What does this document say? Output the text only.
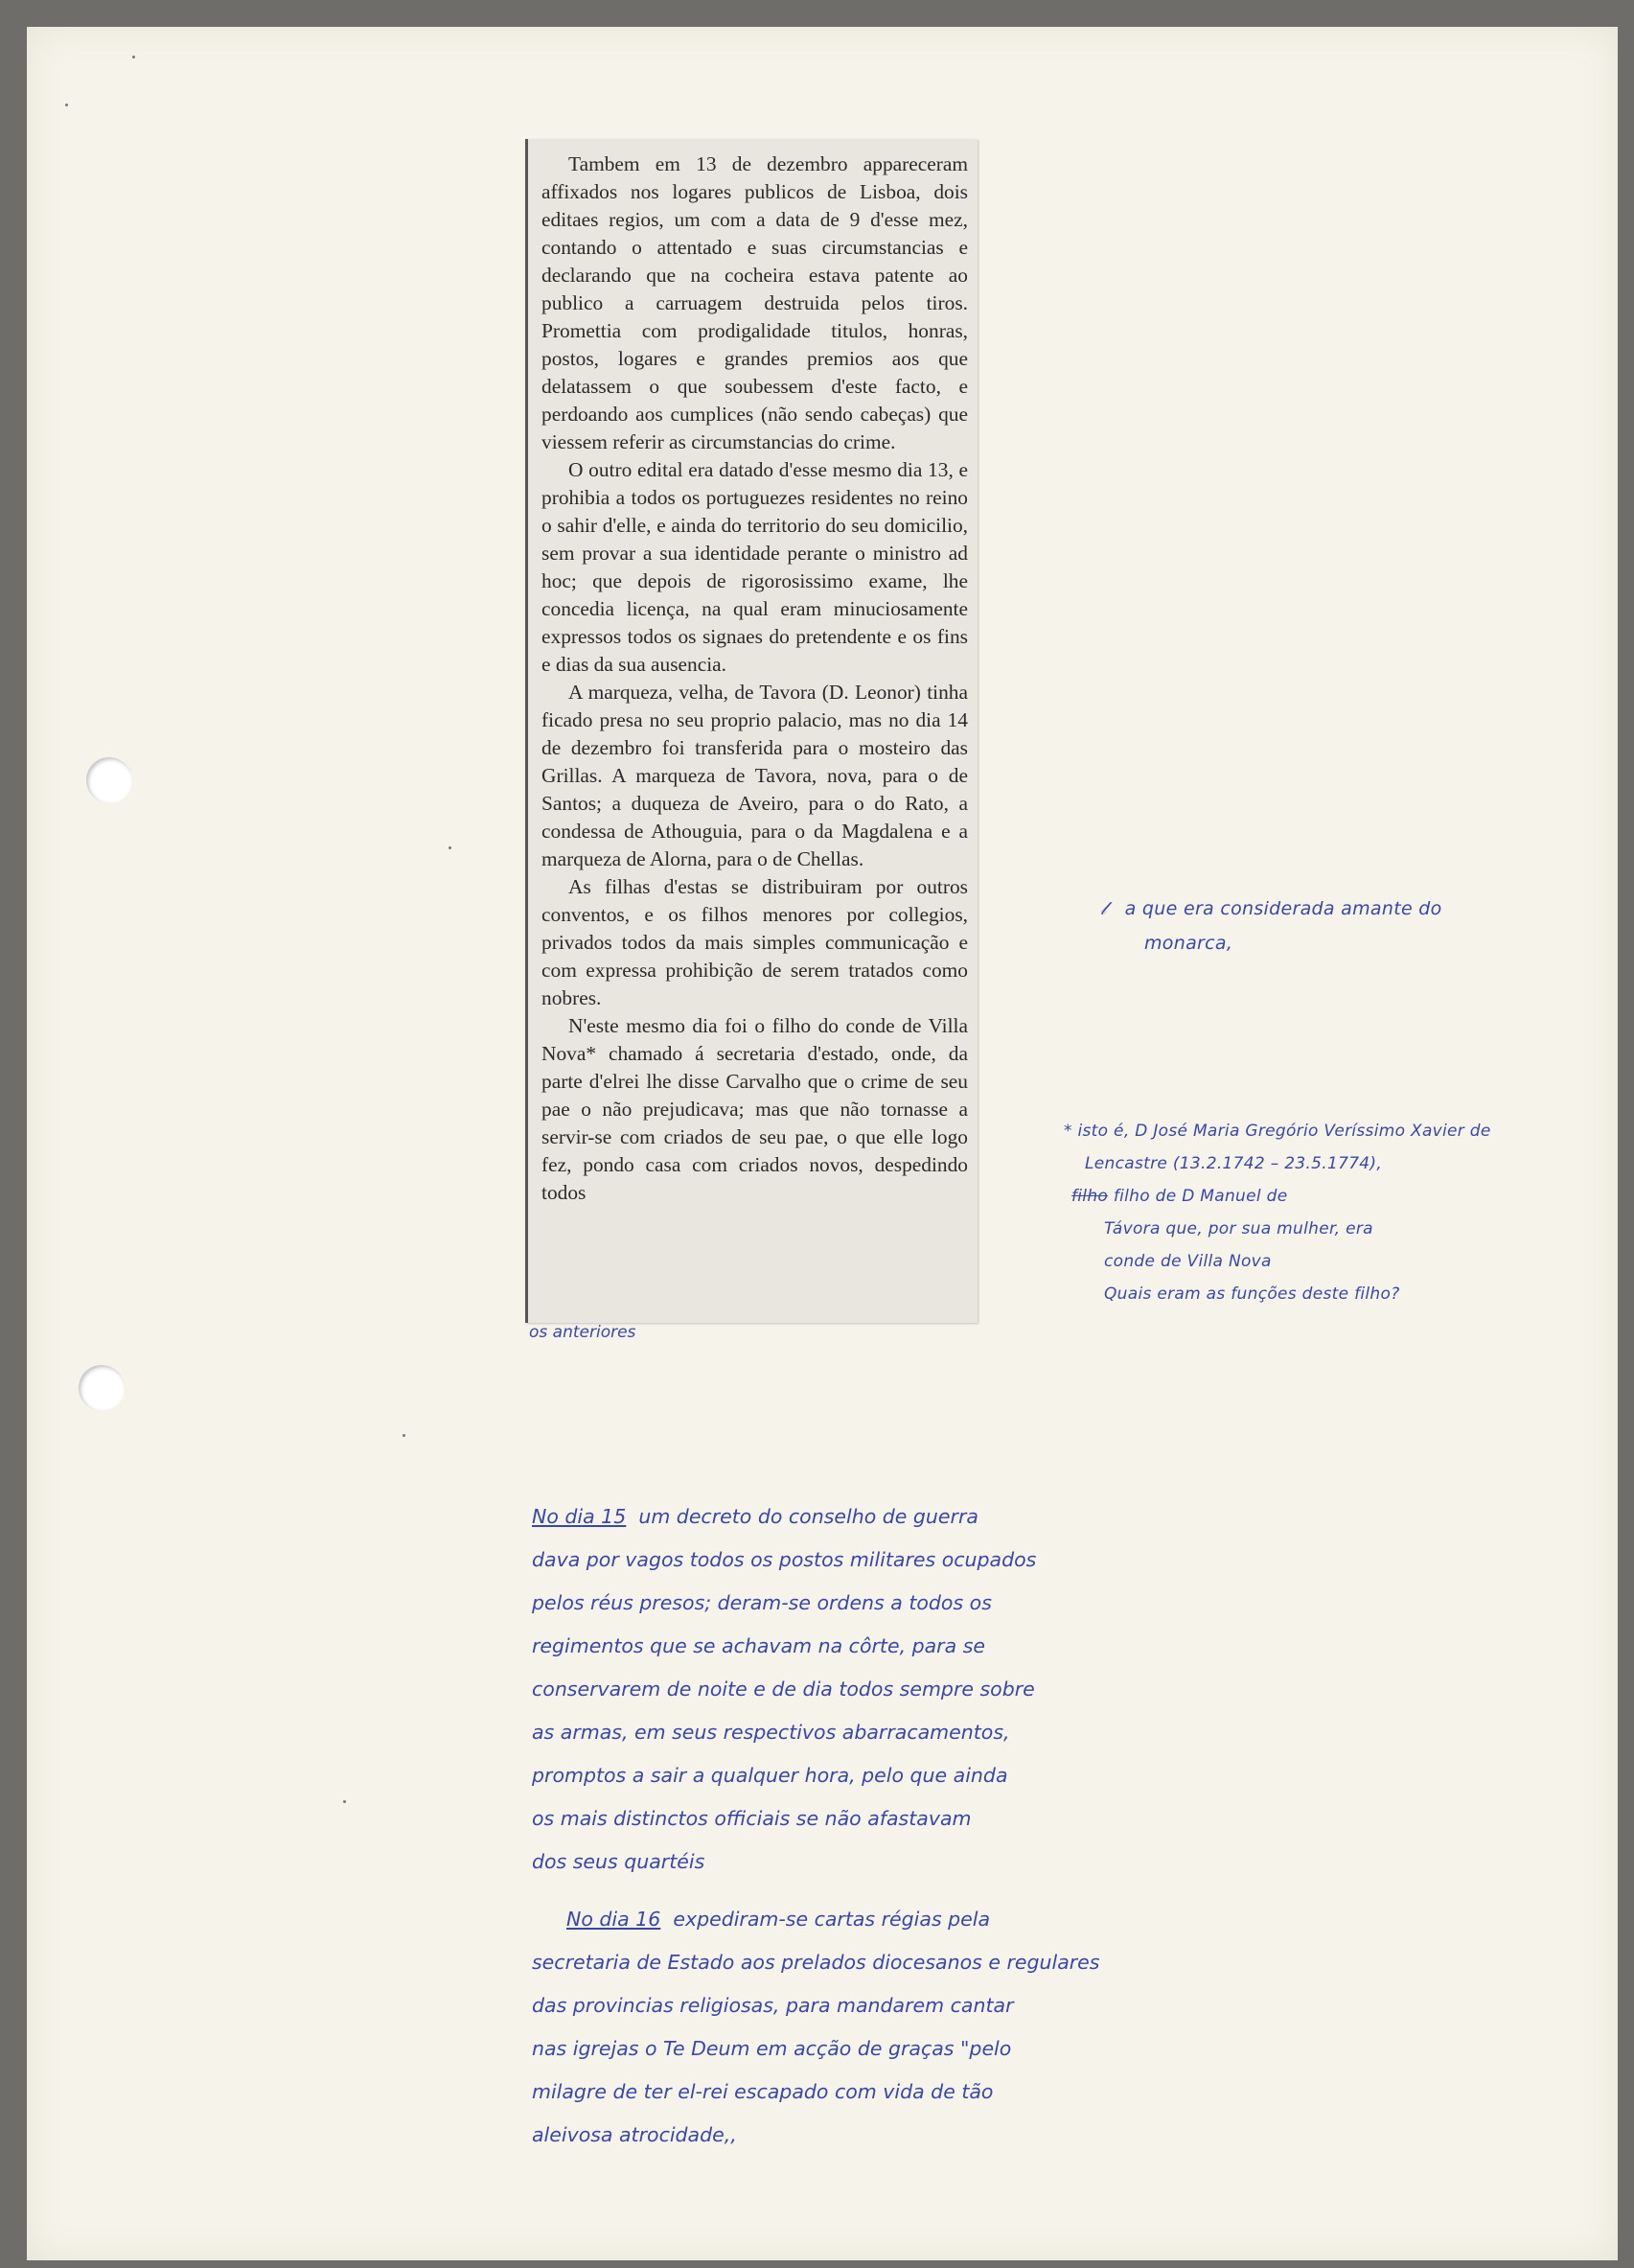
Tambem em 13 de dezembro appareceram affixados nos logares publicos de Lisboa, dois editaes regios, um com a data de 9 d'esse mez, contando o attentado e suas circumstancias e declarando que na cocheira estava patente ao publico a carruagem destruida pelos tiros. Promettia com prodigalidade titulos, honras, postos, logares e grandes premios aos que delatassem o que soubessem d'este facto, e perdoando aos cumplices (não sendo cabeças) que viessem referir as circumstancias do crime.

O outro edital era datado d'esse mesmo dia 13, e prohibia a todos os portuguezes residentes no reino o sahir d'elle, e ainda do territorio do seu domicilio, sem provar a sua identidade perante o ministro ad hoc; que depois de rigorosissimo exame, lhe concedia licença, na qual eram minuciosamente expressos todos os signaes do pretendente e os fins e dias da sua ausencia.

A marqueza, velha, de Tavora (D. Leonor) tinha ficado presa no seu proprio palacio, mas no dia 14 de dezembro foi transferida para o mosteiro das Grillas. A marqueza de Tavora, nova, para o de Santos; a duqueza de Aveiro, para o do Rato, a condessa de Athouguia, para o da Magdalena e a marqueza de Alorna, para o de Chellas.

As filhas d'estas se distribuiram por outros conventos, e os filhos menores por collegios, privados todos da mais simples communicação e com expressa prohibição de serem tratados como nobres.

N'este mesmo dia foi o filho do conde de Villa Nova* chamado á secretaria d'estado, onde, da parte d'elrei lhe disse Carvalho que o crime de seu pae o não prejudicava; mas que não tornasse a servir-se com criados de seu pae, o que elle logo fez, pondo casa com criados novos, despedindo todos

os anteriores
𝓁   a que era considerada amante do
monarca,
* isto é, D José Maria Gregório Veríssimo Xavier de
Lencastre (13.2.1742 – 23.5.1774),
filho filho de D Manuel de
Távora que, por sua mulher, era
conde de Villa Nova
Quais eram as funções deste filho?
No dia 15 um decreto do conselho de guerra
dava por vagos todos os postos militares ocupados
pelos réus presos; deram-se ordens a todos os
regimentos que se achavam na côrte, para se
conservarem de noite e de dia todos sempre sobre
as armas, em seus respectivos abarracamentos,
promptos a sair a qualquer hora, pelo que ainda
os mais distinctos officiais se não afastavam
dos seus quartéis
No dia 16 expediram-se cartas régias pela
secretaria de Estado aos prelados diocesanos e regulares
das provincias religiosas, para mandarem cantar
nas igrejas o Te Deum em acção de graças "pelo
milagre de ter el-rei escapado com vida de tão
aleivosa atrocidade,,
